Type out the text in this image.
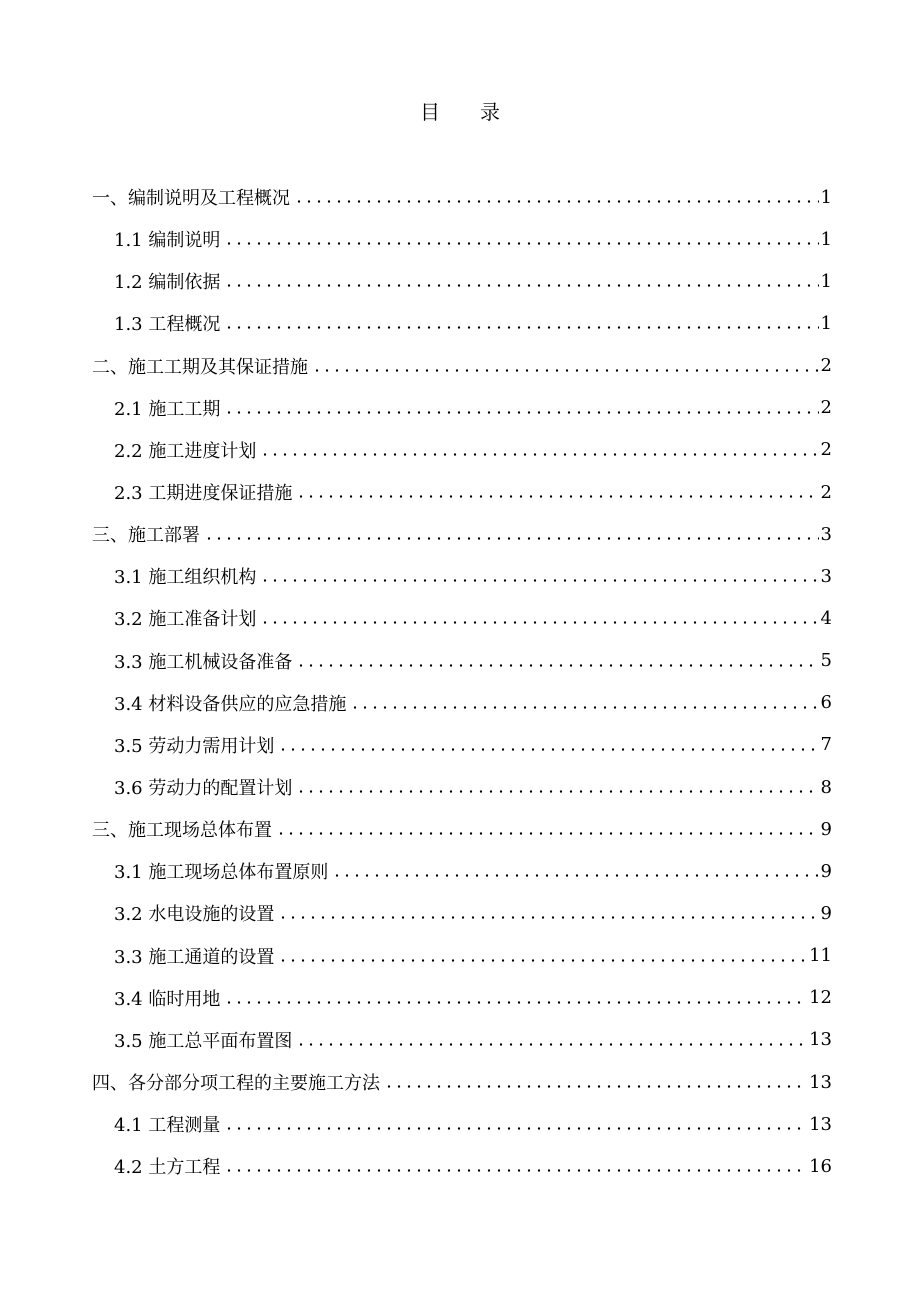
目 录
一、编制说明及工程概况	1
1.1 编制说明	1
1.2 编制依据	1
1.3 工程概况	1
二、施工工期及其保证措施	2
2.1 施工工期	2
2.2 施工进度计划	2
2.3 工期进度保证措施	2
三、施工部署	3
3.1 施工组织机构	3
3.2 施工准备计划	4
3.3 施工机械设备准备	5
3.4 材料设备供应的应急措施	6
3.5 劳动力需用计划	7
3.6 劳动力的配置计划	8
三、施工现场总体布置	9
3.1 施工现场总体布置原则	9
3.2 水电设施的设置	9
3.3 施工通道的设置	11
3.4 临时用地	12
3.5 施工总平面布置图	13
四、各分部分项工程的主要施工方法	13
4.1 工程测量	13
4.2 土方工程	16
